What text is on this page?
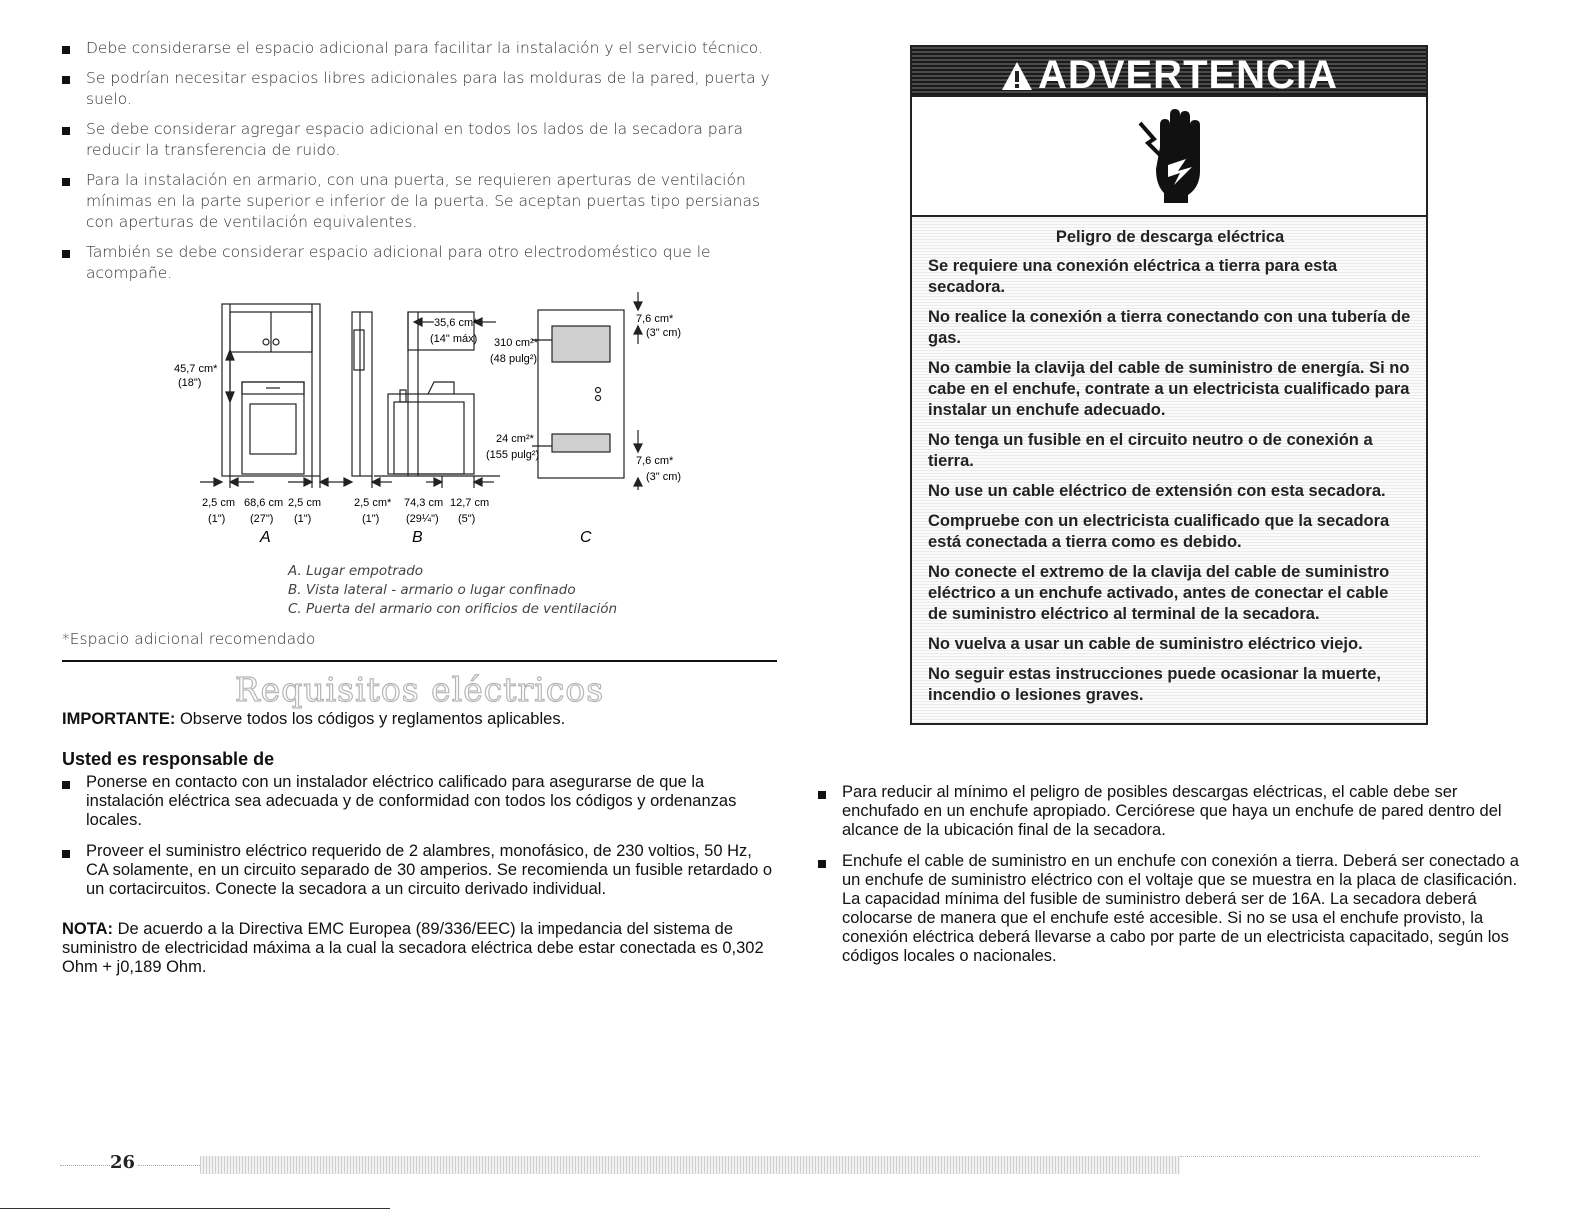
Debe considerarse el espacio adicional para facilitar la instalación y el servicio técnico.
Se podrían necesitar espacios libres adicionales para las molduras de la pared, puerta y suelo.
Se debe considerar agregar espacio adicional en todos los lados de la secadora para reducir la transferencia de ruido.
Para la instalación en armario, con una puerta, se requieren aperturas de ventilación mínimas en la parte superior e inferior de la puerta. Se aceptan puertas tipo persianas con aperturas de ventilación equivalentes.
También se debe considerar espacio adicional para otro electrodoméstico que le acompañe.
45,7 cm*
(18")
2,5 cm
(1")
68,6 cm
(27")
2,5 cm
(1")
A
35,6 cm*
(14" máx)
2,5 cm*
(1")
74,3 cm
(29¼")
12,7 cm
(5")
B
310 cm²*
(48 pulg²)
24 cm²*
(155 pulg²)
7,6 cm*
(3" cm)
7,6 cm*
(3" cm)
C
A. Lugar empotrado
B. Vista lateral - armario o lugar confinado
C. Puerta del armario con orificios de ventilación
*Espacio adicional recomendado
Requisitos eléctricos
IMPORTANTE: Observe todos los códigos y reglamentos aplicables.
Usted es responsable de
Ponerse en contacto con un instalador eléctrico calificado para asegurarse de que la instalación eléctrica sea adecuada y de conformidad con todos los códigos y ordenanzas locales.
Proveer el suministro eléctrico requerido de 2 alambres, monofásico, de 230 voltios, 50 Hz, CA solamente, en un circuito separado de 30 amperios. Se recomienda un fusible retardado o un cortacircuitos. Conecte la secadora a un circuito derivado individual.
NOTA: De acuerdo a la Directiva EMC Europea (89/336/EEC) la impedancia del sistema de suministro de electricidad máxima a la cual la secadora eléctrica debe estar conectada es 0,302 Ohm + j0,189 Ohm.
ADVERTENCIA

Peligro de descarga eléctrica

Se requiere una conexión eléctrica a tierra para esta secadora.

No realice la conexión a tierra conectando con una tubería de gas.

No cambie la clavija del cable de suministro de energía. Si no cabe en el enchufe, contrate a un electricista cualificado para instalar un enchufe adecuado.

No tenga un fusible en el circuito neutro o de conexión a tierra.

No use un cable eléctrico de extensión con esta secadora.

Compruebe con un electricista cualificado que la secadora está conectada a tierra como es debido.

No conecte el extremo de la clavija del cable de suministro eléctrico a un enchufe activado, antes de conectar el cable de suministro eléctrico al terminal de la secadora.

No vuelva a usar un cable de suministro eléctrico viejo.

No seguir estas instrucciones puede ocasionar la muerte, incendio o lesiones graves.

Para reducir al mínimo el peligro de posibles descargas eléctricas, el cable debe ser enchufado en un enchufe apropiado. Cerciórese que haya un enchufe de pared dentro del alcance de la ubicación final de la secadora.
Enchufe el cable de suministro en un enchufe con conexión a tierra. Deberá ser conectado a un enchufe de suministro eléctrico con el voltaje que se muestra en la placa de clasificación. La capacidad mínima del fusible de suministro deberá ser de 16A. La secadora deberá colocarse de manera que el enchufe esté accesible. Si no se usa el enchufe provisto, la conexión eléctrica deberá llevarse a cabo por parte de un electricista capacitado, según los códigos locales o nacionales.
26
